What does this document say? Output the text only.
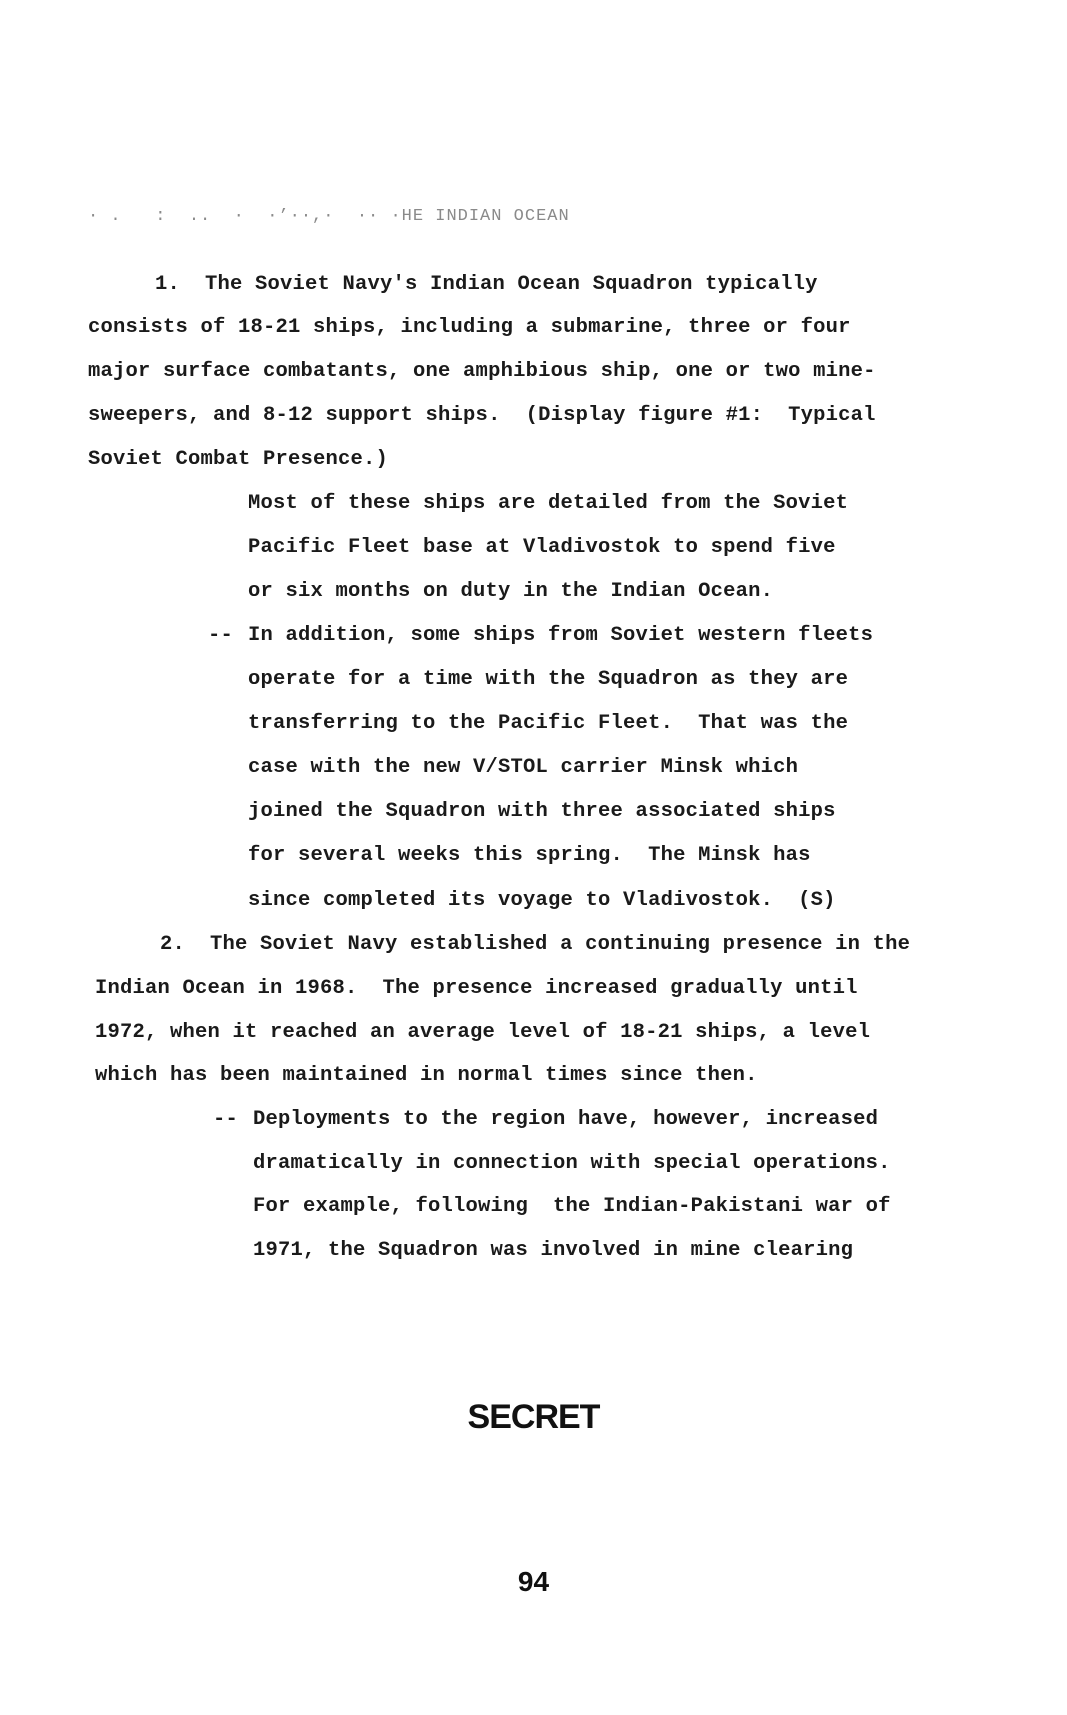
· .   :  ..  ·  ·’··,·  ·· ·HE INDIAN OCEAN
1.  The Soviet Navy's Indian Ocean Squadron typically
consists of 18-21 ships, including a submarine, three or four
major surface combatants, one amphibious ship, one or two mine-
sweepers, and 8-12 support ships.  (Display figure #1:  Typical
Soviet Combat Presence.)
Most of these ships are detailed from the Soviet
Pacific Fleet base at Vladivostok to spend five
or six months on duty in the Indian Ocean.
-- In addition, some ships from Soviet western fleets
operate for a time with the Squadron as they are
transferring to the Pacific Fleet.  That was the
case with the new V/STOL carrier Minsk which
joined the Squadron with three associated ships
for several weeks this spring.  The Minsk has
since completed its voyage to Vladivostok.  (S)
2.  The Soviet Navy established a continuing presence in the
Indian Ocean in 1968.  The presence increased gradually until
1972, when it reached an average level of 18-21 ships, a level
which has been maintained in normal times since then.
-- Deployments to the region have, however, increased
dramatically in connection with special operations.
For example, following  the Indian-Pakistani war of
1971, the Squadron was involved in mine clearing
SECRET
94
